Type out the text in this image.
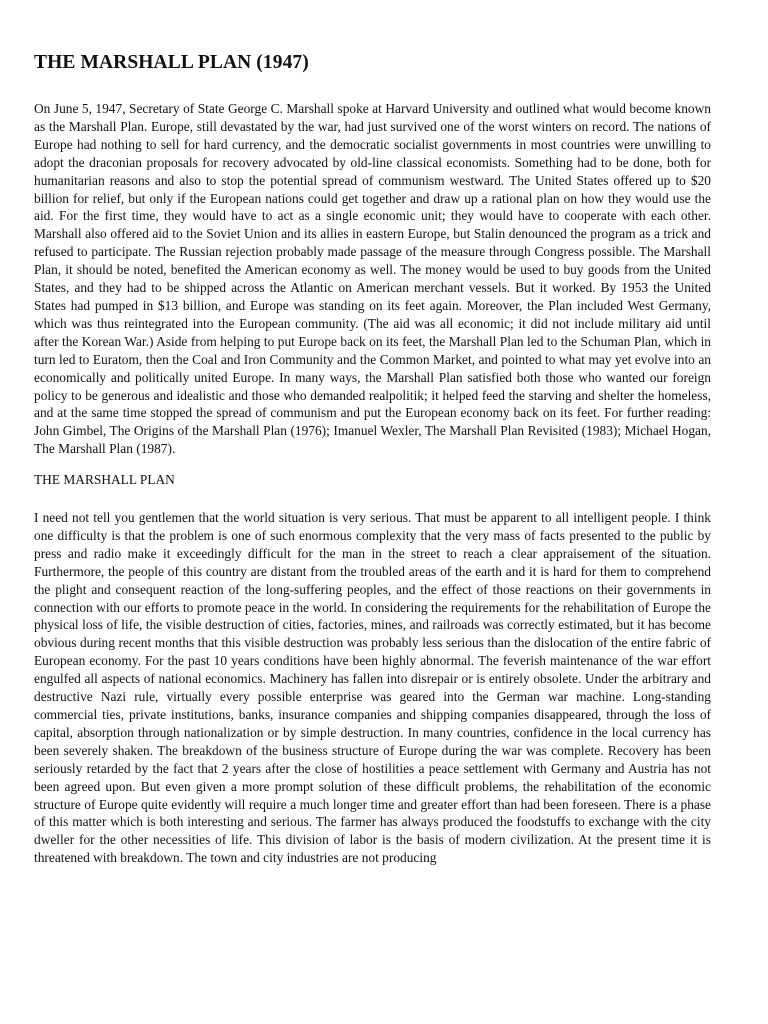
THE MARSHALL PLAN (1947)

On June 5, 1947, Secretary of State George C. Marshall spoke at Harvard University and outlined what would become known as the Marshall Plan. Europe, still devastated by the war, had just survived one of the worst winters on record. The nations of Europe had nothing to sell for hard currency, and the democratic socialist governments in most countries were unwilling to adopt the draconian proposals for recovery advocated by old-line classical economists. Something had to be done, both for humanitarian reasons and also to stop the potential spread of communism westward. The United States offered up to $20 billion for relief, but only if the European nations could get together and draw up a rational plan on how they would use the aid. For the first time, they would have to act as a single economic unit; they would have to cooperate with each other. Marshall also offered aid to the Soviet Union and its allies in eastern Europe, but Stalin denounced the program as a trick and refused to participate. The Russian rejection probably made passage of the measure through Congress possible. The Marshall Plan, it should be noted, benefited the American economy as well. The money would be used to buy goods from the United States, and they had to be shipped across the Atlantic on American merchant vessels. But it worked. By 1953 the United States had pumped in $13 billion, and Europe was standing on its feet again. Moreover, the Plan included West Germany, which was thus reintegrated into the European community. (The aid was all economic; it did not include military aid until after the Korean War.) Aside from helping to put Europe back on its feet, the Marshall Plan led to the Schuman Plan, which in turn led to Euratom, then the Coal and Iron Community and the Common Market, and pointed to what may yet evolve into an economically and politically united Europe. In many ways, the Marshall Plan satisfied both those who wanted our foreign policy to be generous and idealistic and those who demanded realpolitik; it helped feed the starving and shelter the homeless, and at the same time stopped the spread of communism and put the European economy back on its feet. For further reading: John Gimbel, The Origins of the Marshall Plan (1976); Imanuel Wexler, The Marshall Plan Revisited (1983); Michael Hogan, The Marshall Plan (1987).

THE MARSHALL PLAN

I need not tell you gentlemen that the world situation is very serious. That must be apparent to all intelligent people. I think one difficulty is that the problem is one of such enormous complexity that the very mass of facts presented to the public by press and radio make it exceedingly difficult for the man in the street to reach a clear appraisement of the situation. Furthermore, the people of this country are distant from the troubled areas of the earth and it is hard for them to comprehend the plight and consequent reaction of the long-suffering peoples, and the effect of those reactions on their governments in connection with our efforts to promote peace in the world. In considering the requirements for the rehabilitation of Europe the physical loss of life, the visible destruction of cities, factories, mines, and railroads was correctly estimated, but it has become obvious during recent months that this visible destruction was probably less serious than the dislocation of the entire fabric of European economy. For the past 10 years conditions have been highly abnormal. The feverish maintenance of the war effort engulfed all aspects of national economics. Machinery has fallen into disrepair or is entirely obsolete. Under the arbitrary and destructive Nazi rule, virtually every possible enterprise was geared into the German war machine. Long-standing commercial ties, private institutions, banks, insurance companies and shipping companies disappeared, through the loss of capital, absorption through nationalization or by simple destruction. In many countries, confidence in the local currency has been severely shaken. The breakdown of the business structure of Europe during the war was complete. Recovery has been seriously retarded by the fact that 2 years after the close of hostilities a peace settlement with Germany and Austria has not been agreed upon. But even given a more prompt solution of these difficult problems, the rehabilitation of the economic structure of Europe quite evidently will require a much longer time and greater effort than had been foreseen. There is a phase of this matter which is both interesting and serious. The farmer has always produced the foodstuffs to exchange with the city dweller for the other necessities of life. This division of labor is the basis of modern civilization. At the present time it is threatened with breakdown. The town and city industries are not producing
